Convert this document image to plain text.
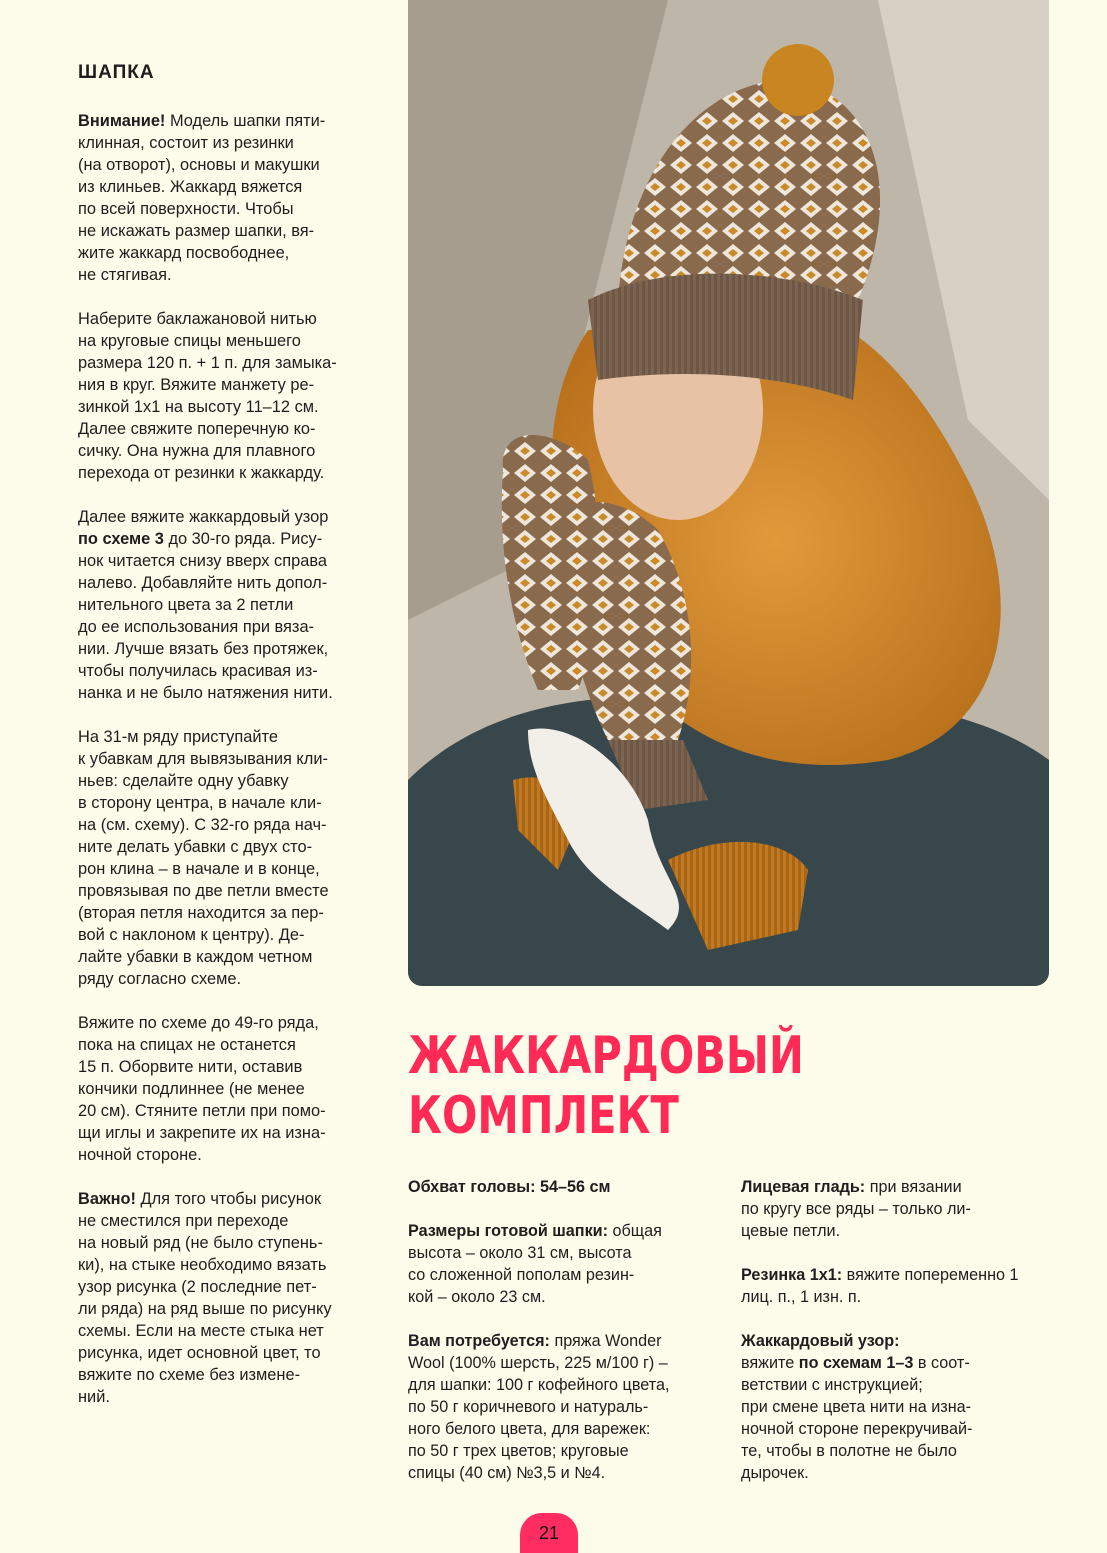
ШАПКА

Внимание! Модель шапки пяти-
клинная, состоит из резинки
(на отворот), основы и макушки
из клиньев. Жаккард вяжется
по всей поверхности. Чтобы
не искажать размер шапки, вя-
жите жаккард посвободнее,
не стягивая.

Наберите баклажановой нитью
на круговые спицы меньшего
размера 120 п. + 1 п. для замыка-
ния в круг. Вяжите манжету ре-
зинкой 1х1 на высоту 11–12 см.
Далее свяжите поперечную ко-
сичку. Она нужна для плавного
перехода от резинки к жаккарду.

Далее вяжите жаккардовый узор
по схеме 3 до 30-го ряда. Рису-
нок читается снизу вверх справа
налево. Добавляйте нить допол-
нительного цвета за 2 петли
до ее использования при вяза-
нии. Лучше вязать без протяжек,
чтобы получилась красивая из-
нанка и не было натяжения нити.

На 31-м ряду приступайте
к убавкам для вывязывания кли-
ньев: сделайте одну убавку
в сторону центра, в начале кли-
на (см. схему). С 32-го ряда нач-
ните делать убавки с двух сто-
рон клина – в начале и в конце,
провязывая по две петли вместе
(вторая петля находится за пер-
вой с наклоном к центру). Де-
лайте убавки в каждом четном
ряду согласно схеме.

Вяжите по схеме до 49-го ряда,
пока на спицах не останется
15 п. Оборвите нити, оставив
кончики подлиннее (не менее
20 см). Стяните петли при помо-
щи иглы и закрепите их на изна-
ночной стороне.

Важно! Для того чтобы рисунок
не сместился при переходе
на новый ряд (не было ступень-
ки), на стыке необходимо вязать
узор рисунка (2 последние пет-
ли ряда) на ряд выше по рисунку
схемы. Если на месте стыка нет
рисунка, идет основной цвет, то
вяжите по схеме без измене-
ний.

ЖАККАРДОВЫЙ
КОМПЛЕКТ

Обхват головы: 54–56 см

Размеры готовой шапки: общая
высота – около 31 см, высота
со сложенной пополам резин-
кой – около 23 см.

Вам потребуется: пряжа Wonder
Wool (100% шерсть, 225 м/100 г) –
для шапки: 100 г кофейного цвета,
по 50 г коричневого и натураль-
ного белого цвета, для варежек:
по 50 г трех цветов; круговые
спицы (40 см) №3,5 и №4.

Лицевая гладь: при вязании
по кругу все ряды – только ли-
цевые петли.

Резинка 1х1: вяжите попеременно 1 лиц. п., 1 изн. п.

Жаккардовый узор:
вяжите по схемам 1–3 в соот-
ветствии с инструкцией;
при смене цвета нити на изна-
ночной стороне перекручивай-
те, чтобы в полотне не было
дырочек.

21
